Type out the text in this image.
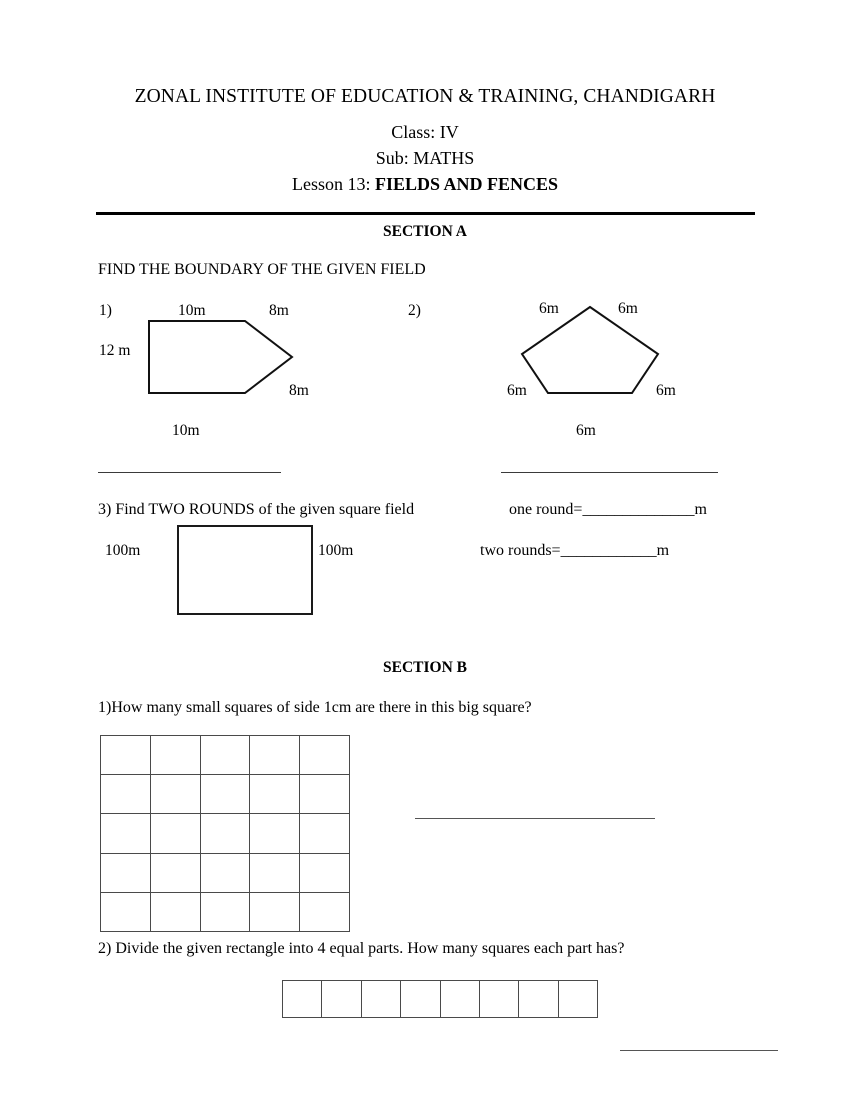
ZONAL INSTITUTE OF EDUCATION & TRAINING, CHANDIGARH
Class: IV
Sub: MATHS
Lesson 13: FIELDS AND FENCES
SECTION A
FIND THE BOUNDARY OF THE GIVEN FIELD
1)	10m	8m
12 m
8m
10m
2)	6m	6m
6m	6m
6m
3) Find TWO ROUNDS of the given square field	one round=______________m
100m	100m	two rounds=____________m
SECTION B
1)How many small squares of side 1cm are there in this big square?
2) Divide the given rectangle into 4 equal parts. How many squares each part has?
